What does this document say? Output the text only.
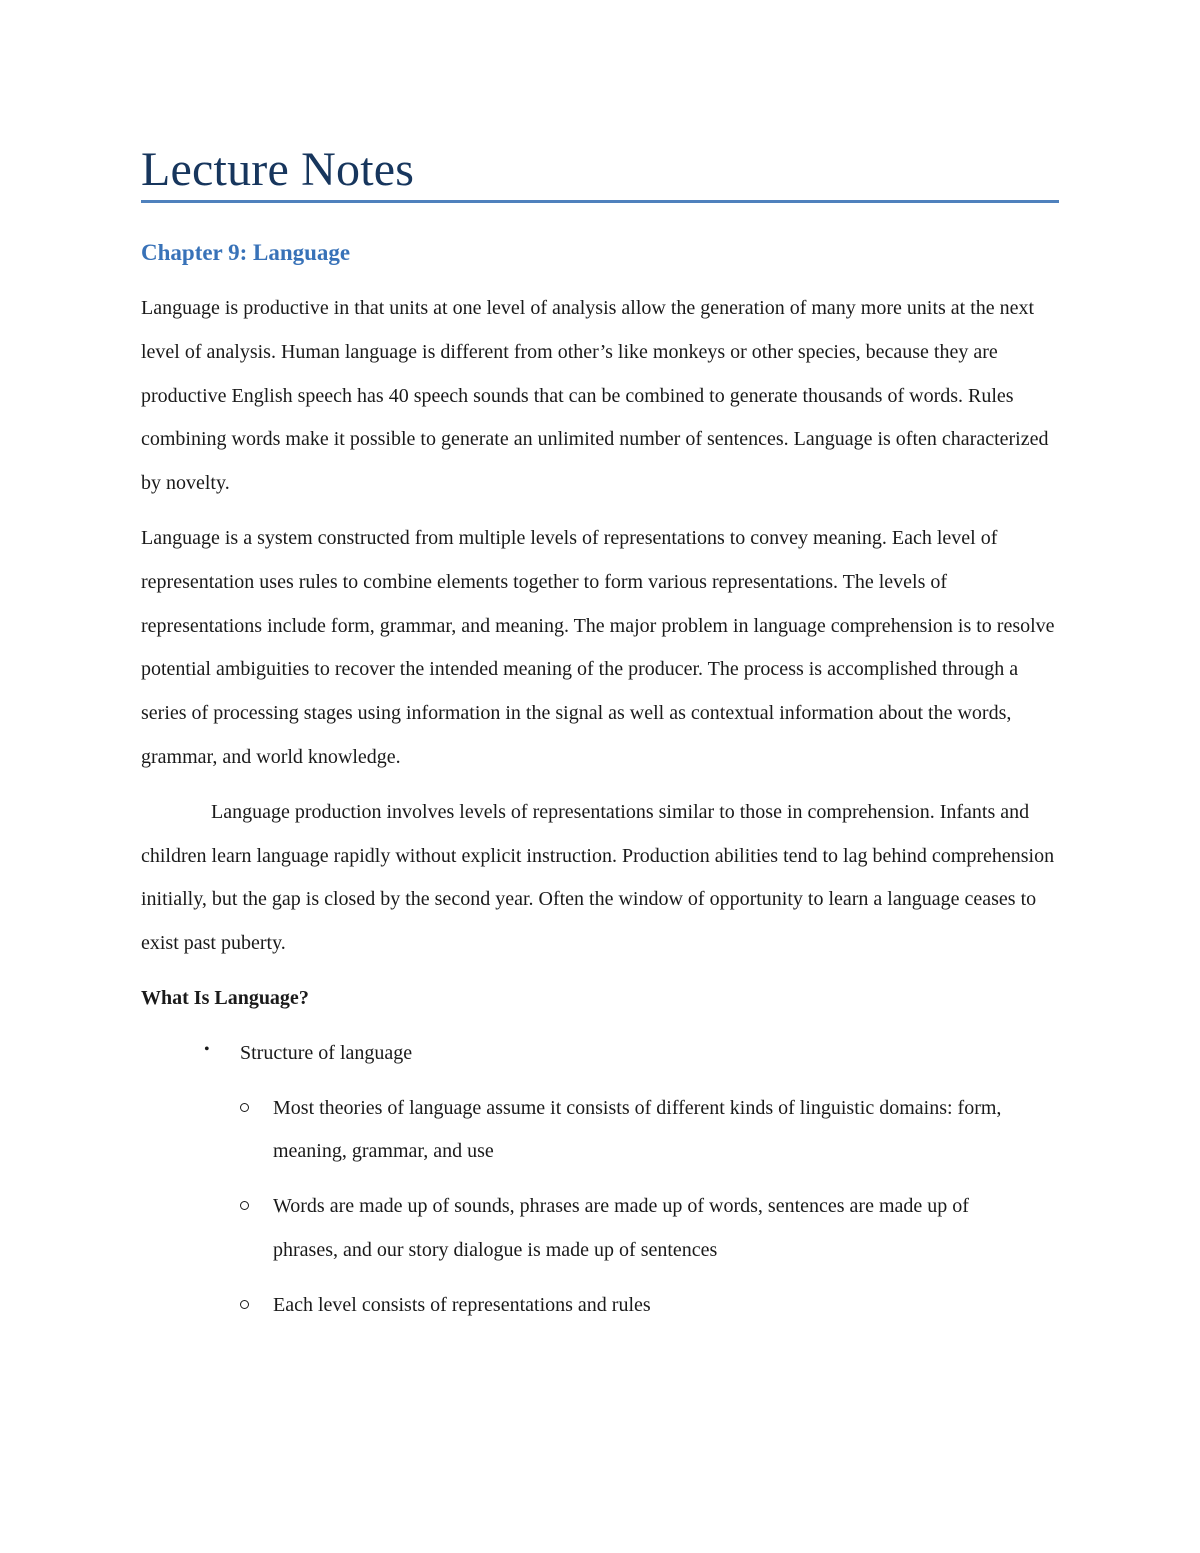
Lecture Notes
Chapter 9: Language

Language is productive in that units at one level of analysis allow the generation of many more units at the next level of analysis. Human language is different from other’s like monkeys or other species, because they are productive English speech has 40 speech sounds that can be combined to generate thousands of words. Rules combining words make it possible to generate an unlimited number of sentences. Language is often characterized by novelty.

Language is a system constructed from multiple levels of representations to convey meaning. Each level of representation uses rules to combine elements together to form various representations. The levels of representations include form, grammar, and meaning. The major problem in language comprehension is to resolve potential ambiguities to recover the intended meaning of the producer. The process is accomplished through a series of processing stages using information in the signal as well as contextual information about the words, grammar, and world knowledge.

Language production involves levels of representations similar to those in comprehension. Infants and children learn language rapidly without explicit instruction. Production abilities tend to lag behind comprehension initially, but the gap is closed by the second year. Often the window of opportunity to learn a language ceases to exist past puberty.

What Is Language?
• Structure of language
Most theories of language assume it consists of different kinds of linguistic domains: form, meaning, grammar, and use
Words are made up of sounds, phrases are made up of words, sentences are made up of phrases, and our story dialogue is made up of sentences
Each level consists of representations and rules
